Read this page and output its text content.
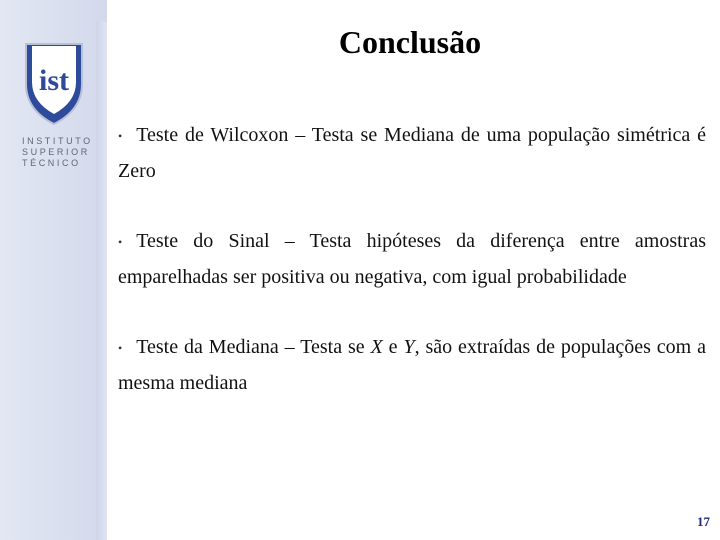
ist
INSTITUTO
SUPERIOR
TÉCNICO
Conclusão

• Teste de Wilcoxon – Testa se Mediana de uma população simétrica é Zero

• Teste do Sinal – Testa hipóteses da diferença entre amostras emparelhadas ser positiva ou negativa, com igual probabilidade

• Teste da Mediana – Testa se X e Y, são extraídas de populações com a mesma mediana

17
